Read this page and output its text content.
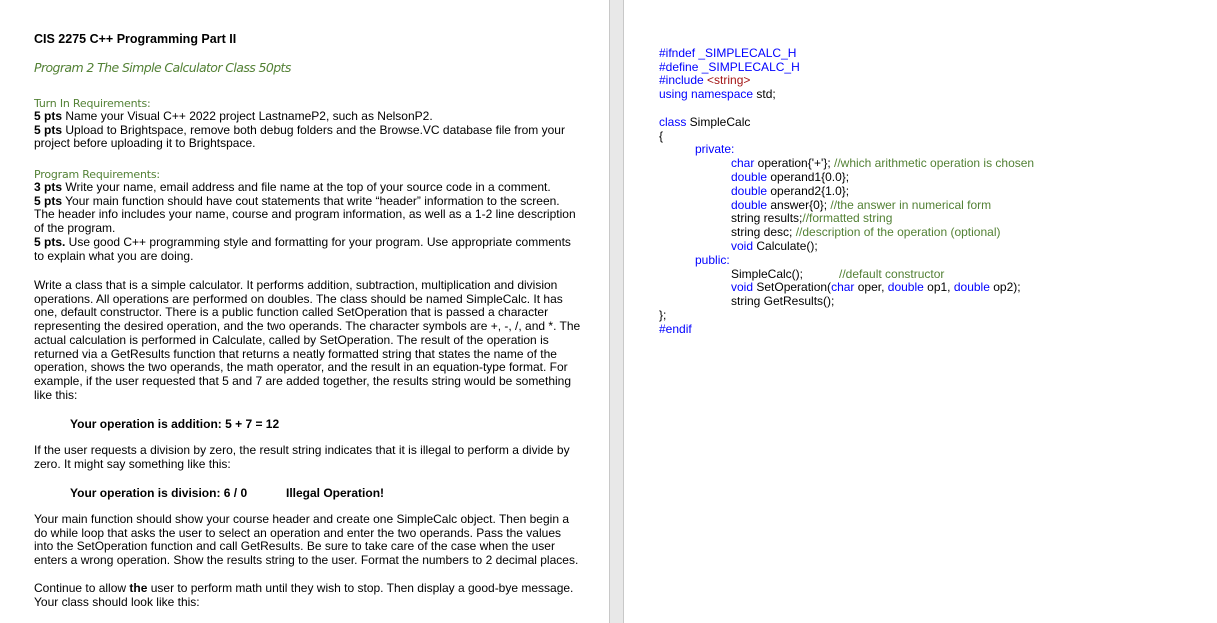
CIS 2275 C++ Programming Part II
Program 2 The Simple Calculator Class 50pts
Turn In Requirements:

5 pts Name your Visual C++ 2022 project LastnameP2, such as NelsonP2.

5 pts Upload to Brightspace, remove both debug folders and the Browse.VC database file from your project before uploading it to Brightspace.

Program Requirements:

3 pts Write your name, email address and file name at the top of your source code in a comment.

5 pts Your main function should have cout statements that write “header” information to the screen. The header info includes your name, course and program information, as well as a 1-2 line description of the program.

5 pts. Use good C++ programming style and formatting for your program. Use appropriate comments to explain what you are doing.

Write a class that is a simple calculator. It performs addition, subtraction, multiplication and division operations. All operations are performed on doubles. The class should be named SimpleCalc. It has one, default constructor. There is a public function called SetOperation that is passed a character representing the desired operation, and the two operands. The character symbols are +, -, /, and *. The actual calculation is performed in Calculate, called by SetOperation. The result of the operation is returned via a GetResults function that returns a neatly formatted string that states the name of the operation, shows the two operands, the math operator, and the result in an equation-type format. For example, if the user requested that 5 and 7 are added together, the results string would be something like this:
Your operation is addition: 5 + 7 = 12
If the user requests a division by zero, the result string indicates that it is illegal to perform a divide by zero. It might say something like this:
Your operation is division: 6 / 0	Illegal Operation!
Your main function should show your course header and create one SimpleCalc object. Then begin a do while loop that asks the user to select an operation and enter the two operands. Pass the values into the SetOperation function and call GetResults. Be sure to take care of the case when the user enters a wrong operation. Show the results string to the user. Format the numbers to 2 decimal places.
Continue to allow the user to perform math until they wish to stop. Then display a good-bye message. Your class should look like this:
#ifndef _SIMPLECALC_H
#define _SIMPLECALC_H
#include <string>
using namespace std;
class SimpleCalc
{
private:
char operation{'+'}; //which arithmetic operation is chosen
double operand1{0.0};
double operand2{1.0};
double answer{0}; //the answer in numerical form
string results;//formatted string
string desc; //description of the operation (optional)
void Calculate();
public:
SimpleCalc();	//default constructor
void SetOperation(char oper, double op1, double op2);
string GetResults();
};
#endif
